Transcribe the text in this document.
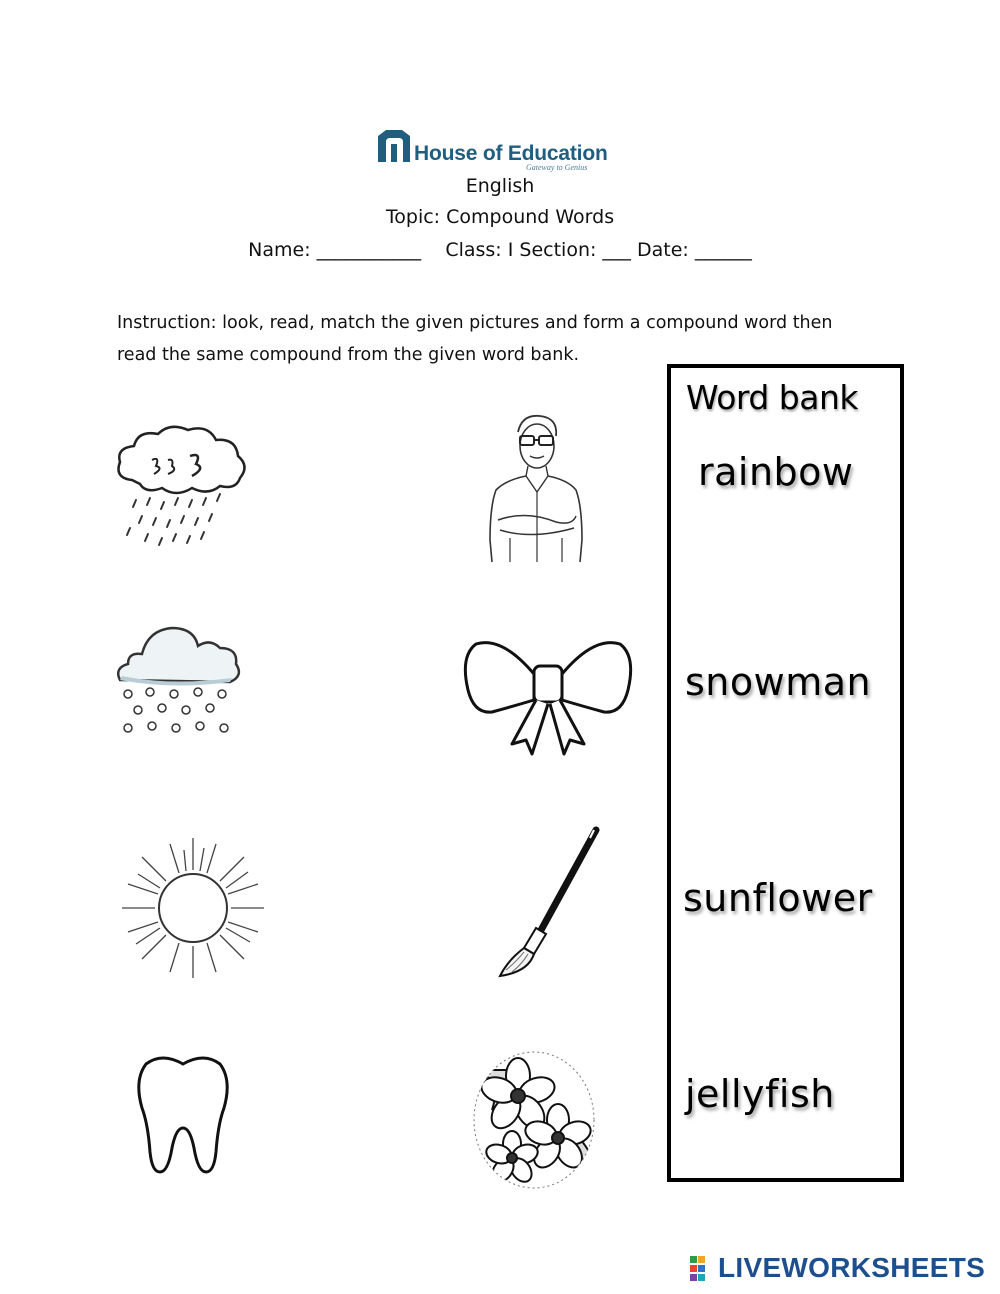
House of Education
Gateway to Genius
English
Topic: Compound Words
Name: ___________    Class: I Section: ___ Date: ______
Instruction: look, read, match the given pictures and form a compound word then
read the same compound from the given word bank.
Word bank
rainbow
snowman
sunflower
jellyfish
LIVEWORKSHEETS
